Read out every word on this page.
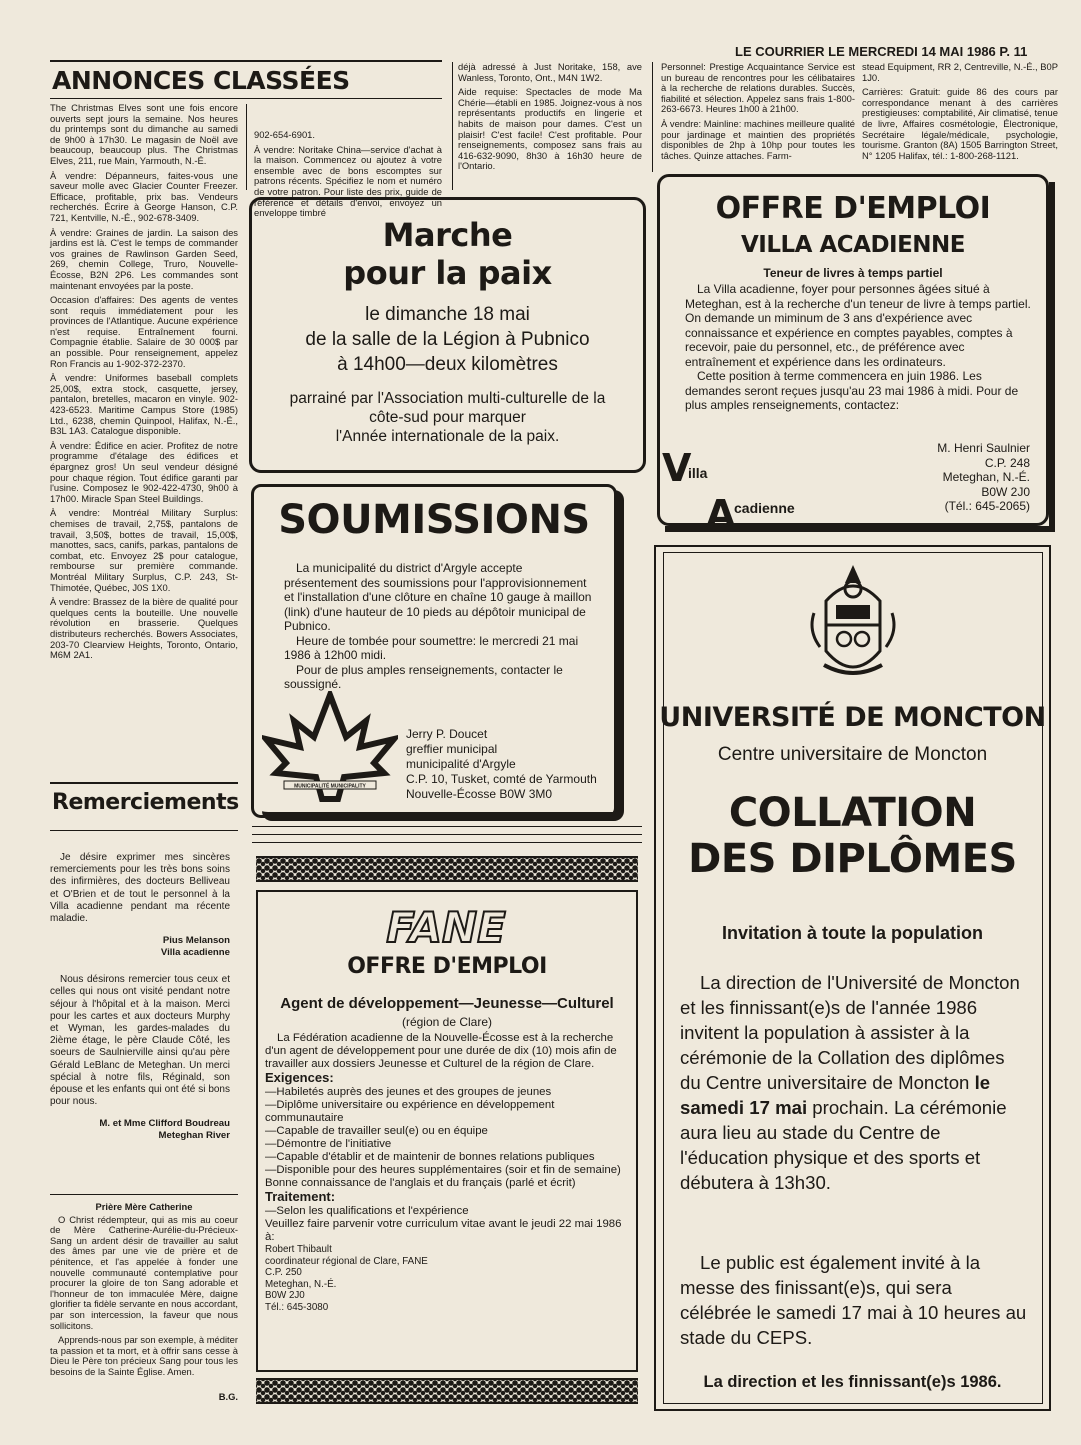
LE COURRIER LE MERCREDI 14 MAI 1986 P. 11
ANNONCES CLASSÉES

The Christmas Elves sont une fois encore ouverts sept jours la semaine. Nos heures du printemps sont du dimanche au samedi de 9h00 à 17h30. Le magasin de Noël ave beaucoup, beaucoup plus. The Christmas Elves, 211, rue Main, Yarmouth, N.-É.

À vendre: Dépanneurs, faites-vous une saveur molle avec Glacier Counter Freezer. Efficace, profitable, prix bas. Vendeurs recherchés. Écrire à George Hanson, C.P. 721, Kentville, N.-É., 902-678-3409.

À vendre: Graines de jardin. La saison des jardins est là. C'est le temps de commander vos graines de Rawlinson Garden Seed, 269, chemin College, Truro, Nouvelle-Écosse, B2N 2P6. Les commandes sont maintenant envoyées par la poste.

Occasion d'affaires: Des agents de ventes sont requis immédiatement pour les provinces de l'Atlantique. Aucune expérience n'est requise. Entraînement fourni. Compagnie établie. Salaire de 30 000$ par an possible. Pour renseignement, appelez Ron Francis au 1-902-372-2370.

À vendre: Uniformes baseball complets 25,00$, extra stock, casquette, jersey, pantalon, bretelles, macaron en vinyle. 902-423-6523. Maritime Campus Store (1985) Ltd., 6238, chemin Quinpool, Halifax, N.-É., B3L 1A3. Catalogue disponible.

À vendre: Édifice en acier. Profitez de notre programme d'étalage des édifices et épargnez gros! Un seul vendeur désigné pour chaque région. Tout édifice garanti par l'usine. Composez le 902-422-4730, 9h00 à 17h00. Miracle Span Steel Buildings.

À vendre: Montréal Military Surplus: chemises de travail, 2,75$, pantalons de travail, 3,50$, bottes de travail, 15,00$, manottes, sacs, canifs, parkas, pantalons de combat, etc. Envoyez 2$ pour catalogue, rembourse sur première commande. Montréal Military Surplus, C.P. 243, St-Thimotée, Québec, J0S 1X0.

À vendre: Brassez de la bière de qualité pour quelques cents la bouteille. Une nouvelle révolution en brasserie. Quelques distributeurs recherchés. Bowers Associates, 203-70 Clearview Heights, Toronto, Ontario, M6M 2A1.

902-654-6901.

À vendre: Noritake China—service d'achat à la maison. Commencez ou ajoutez à votre ensemble avec de bons escomptes sur patrons récents. Spécifiez le nom et numéro de votre patron. Pour liste des prix, guide de référence et détails d'envoi, envoyez un enveloppe timbré

déjà adressé à Just Noritake, 158, ave Wanless, Toronto, Ont., M4N 1W2.

Aide requise: Spectacles de mode Ma Chérie—établi en 1985. Joignez-vous à nos représentants productifs en lingerie et habits de maison pour dames. C'est un plaisir! C'est facile! C'est profitable. Pour renseignements, composez sans frais au 416-632-9090, 8h30 à 16h30 heure de l'Ontario.

Personnel: Prestige Acquaintance Service est un bureau de rencontres pour les célibataires à la recherche de relations durables. Succès, fiabilité et sélection. Appelez sans frais 1-800-263-6673. Heures 1h00 à 21h00.

À vendre: Mainline: machines meilleure qualité pour jardinage et maintien des propriétés disponibles de 2hp à 10hp pour toutes les tâches. Quinze attaches. Farm-

stead Equipment, RR 2, Centreville, N.-É., B0P 1J0.

Carrières: Gratuit: guide 86 des cours par correspondance menant à des carrières prestigieuses: comptabilité, Air climatisé, tenue de livre, Affaires cosmétologie, Électronique, Secrétaire légale/médicale, psychologie, tourisme. Granton (8A) 1505 Barrington Street, N° 1205 Halifax, tél.: 1-800-268-1121.

Marche
pour la paix
le dimanche 18 mai
de la salle de la Légion à Pubnico
à 14h00—deux kilomètres
parrainé par l'Association multi-culturelle de la
côte-sud pour marquer
l'Année internationale de la paix.
SOUMISSIONS

La municipalité du district d'Argyle accepte présentement des soumissions pour l'approvisionnement et l'installation d'une clôture en chaîne 10 gauge à maillon (link) d'une hauteur de 10 pieds au dépôtoir municipal de Pubnico.

Heure de tombée pour soumettre: le mercredi 21 mai 1986 à 12h00 midi.

Pour de plus amples renseignements, contacter le soussigné.

MUNICIPALITÉ MUNICIPALITY
Jerry P. Doucet
greffier municipal
municipalité d'Argyle
C.P. 10, Tusket, comté de Yarmouth
Nouvelle-Écosse B0W 3M0
OFFRE D'EMPLOI
VILLA ACADIENNE
Teneur de livres à temps partiel

La Villa acadienne, foyer pour personnes âgées situé à Meteghan, est à la recherche d'un teneur de livre à temps partiel. On demande un miminum de 3 ans d'expérience avec connaissance et expérience en comptes payables, comptes à recevoir, paie du personnel, etc., de préférence avec entraînement et expérience dans les ordinateurs.

Cette position à terme commencera en juin 1986. Les demandes seront reçues jusqu'au 23 mai 1986 à midi. Pour de plus amples renseignements, contactez:

M. Henri Saulnier
C.P. 248
Meteghan, N.-É.
B0W 2J0
(Tél.: 645-2065)
V
illa
A cadienne
Remerciements

Je désire exprimer mes sincères remerciements pour les très bons soins des infirmières, des docteurs Belliveau et O'Brien et de tout le personnel à la Villa acadienne pendant ma récente maladie.

Pius Melanson
Villa acadienne

Nous désirons remercier tous ceux et celles qui nous ont visité pendant notre séjour à l'hôpital et à la maison. Merci pour les cartes et aux docteurs Murphy et Wyman, les gardes-malades du 2ième étage, le père Claude Côté, les soeurs de Saulnierville ainsi qu'au père Gérald LeBlanc de Meteghan. Un merci spécial à notre fils, Réginald, son épouse et les enfants qui ont été si bons pour nous.

M. et Mme Clifford Boudreau
Meteghan River
Prière Mère Catherine

O Christ rédempteur, qui as mis au coeur de Mère Catherine-Aurélie-du-Précieux-Sang un ardent désir de travailler au salut des âmes par une vie de prière et de pénitence, et l'as appelée à fonder une nouvelle communauté contemplative pour procurer la gloire de ton Sang adorable et l'honneur de ton immaculée Mère, daigne glorifier ta fidèle servante en nous accordant, par son intercession, la faveur que nous sollicitons.

Apprends-nous par son exemple, à méditer ta passion et ta mort, et à offrir sans cesse à Dieu le Père ton précieux Sang pour tous les besoins de la Sainte Église. Amen.

B.G.
FANE
OFFRE D'EMPLOI
Agent de développement—Jeunesse—Culturel
(région de Clare)

La Fédération acadienne de la Nouvelle-Écosse est à la recherche d'un agent de développement pour une durée de dix (10) mois afin de travailler aux dossiers Jeunesse et Culturel de la région de Clare.

Exigences:
—Habiletés auprès des jeunes et des groupes de jeunes
—Diplôme universitaire ou expérience en développement communautaire
—Capable de travailler seul(e) ou en équipe
—Démontre de l'initiative
—Capable d'établir et de maintenir de bonnes relations publiques
—Disponible pour des heures supplémentaires (soir et fin de semaine)
Bonne connaissance de l'anglais et du français (parlé et écrit)
Traitement:
—Selon les qualifications et l'expérience
Veuillez faire parvenir votre curriculum vitae avant le jeudi 22 mai 1986 à:
Robert Thibault
coordinateur régional de Clare, FANE
C.P. 250
Meteghan, N.-É.
B0W 2J0
Tél.: 645-3080
UNIVERSITÉ DE MONCTON
Centre universitaire de Moncton
COLLATION
DES DIPLÔMES
Invitation à toute la population
La direction de l'Université de Moncton et les finnissant(e)s de l'année 1986 invitent la population à assister à la cérémonie de la Collation des diplômes du Centre universitaire de Moncton le samedi 17 mai prochain. La cérémonie aura lieu au stade du Centre de l'éducation physique et des sports et débutera à 13h30.
Le public est également invité à la messe des finissant(e)s, qui sera célébrée le samedi 17 mai à 10 heures au stade du CEPS.
La direction et les finnissant(e)s 1986.
